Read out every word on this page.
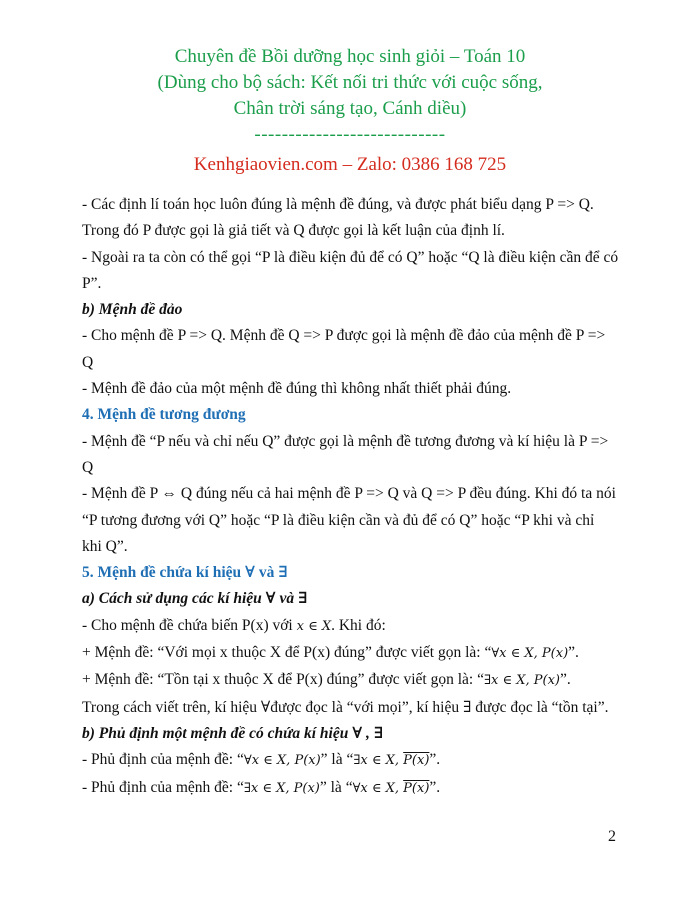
Chuyên đề Bồi dưỡng học sinh giỏi – Toán 10
(Dùng cho bộ sách: Kết nối tri thức với cuộc sống,
Chân trời sáng tạo, Cánh diều)
----------------------------
Kenhgiaovien.com – Zalo: 0386 168 725

- Các định lí toán học luôn đúng là mệnh đề đúng, và được phát biểu dạng P => Q.

Trong đó P được gọi là giả tiết và Q được gọi là kết luận của định lí.

- Ngoài ra ta còn có thể gọi “P là điều kiện đủ để có Q” hoặc “Q là điều kiện cần để có

P”.

b) Mệnh đề đảo

- Cho mệnh đề P => Q. Mệnh đề Q => P được gọi là mệnh đề đảo của mệnh đề P =>

Q

- Mệnh đề đảo của một mệnh đề đúng thì không nhất thiết phải đúng.

4. Mệnh đề tương đương

- Mệnh đề “P nếu và chỉ nếu Q” được gọi là mệnh đề tương đương và kí hiệu là P =>

Q

- Mệnh đề P ⇔ Q đúng nếu cả hai mệnh đề P => Q và Q => P đều đúng. Khi đó ta nói

“P tương đương với Q” hoặc “P là điều kiện cần và đủ để có Q” hoặc “P khi và chỉ

khi Q”.

5. Mệnh đề chứa kí hiệu ∀ và ∃

a) Cách sử dụng các kí hiệu ∀ và ∃

- Cho mệnh đề chứa biến P(x) với x ∈ X. Khi đó:

+ Mệnh đề: “Với mọi x thuộc X để P(x) đúng” được viết gọn là: “∀x ∈ X, P(x)”.

+ Mệnh đề: “Tồn tại x thuộc X để P(x) đúng” được viết gọn là: “∃x ∈ X, P(x)”.

Trong cách viết trên, kí hiệu ∀được đọc là “với mọi”, kí hiệu ∃ được đọc là “tồn tại”.

b) Phủ định một mệnh đề có chứa kí hiệu ∀ , ∃

- Phủ định của mệnh đề: “∀x ∈ X, P(x)” là “∃x ∈ X, P(x)”.

- Phủ định của mệnh đề: “∃x ∈ X, P(x)” là “∀x ∈ X, P(x)”.

2
